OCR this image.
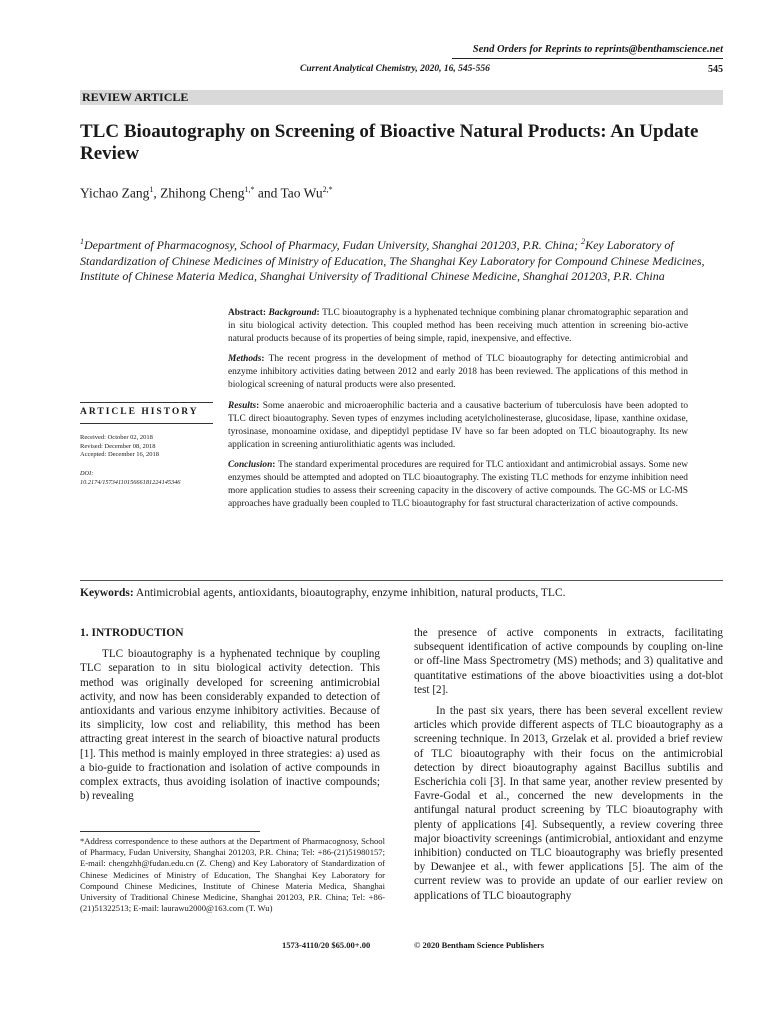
Send Orders for Reprints to reprints@benthamscience.net
Current Analytical Chemistry, 2020, 16, 545-556	545
REVIEW ARTICLE
TLC Bioautography on Screening of Bioactive Natural Products: An Update Review
Yichao Zang$^1$, Zhihong Cheng$^{1,*}$ and Tao $Wu^{2,*}$
$^1$Department of Pharmacognosy, School of Pharmacy, Fudan University, Shanghai 201203, P.R. China; $^2$Key Laboratory of Standardization of Chinese Medicines of Ministry of Education, The Shanghai Key Laboratory for Compound Chinese Medicines, Institute of Chinese Materia Medica, Shanghai University of Traditional Chinese Medicine, Shanghai 201203, P.R. China

Abstract: Background: TLC bioautography is a hyphenated technique combining planar chromatographic separation and in situ biological activity detection. This coupled method has been receiving much attention in screening bio-active natural products because of its properties of being simple, rapid, inexpensive, and effective.

Methods: The recent progress in the development of method of TLC bioautography for detecting antimicrobial and enzyme inhibitory activities dating between 2012 and early 2018 has been reviewed. The applications of this method in biological screening of natural products were also presented.

Results: Some anaerobic and microaerophilic bacteria and a causative bacterium of tuberculosis have been adopted to TLC direct bioautography. Seven types of enzymes including acetylcholinesterase, glucosidase, lipase, xanthine oxidase, tyrosinase, monoamine oxidase, and dipeptidyl peptidase IV have so far been adopted on TLC bioautography. Its new application in screening antiurolithiatic agents was included.

Conclusion: The standard experimental procedures are required for TLC antioxidant and antimicrobial assays. Some new enzymes should be attempted and adopted on TLC bioautography. The existing TLC methods for enzyme inhibition need more application studies to assess their screening capacity in the discovery of active compounds. The GC-MS or LC-MS approaches have gradually been coupled to TLC bioautography for fast structural characterization of active compounds.

ARTICLE HISTORY
Received: October 02, 2018
Revised: December 08, 2018
Accepted: December 16, 2018
DOI:
10.2174/1573411015666181224145346
Keywords: Antimicrobial agents, antioxidants, bioautography, enzyme inhibition, natural products, TLC.

1. INTRODUCTION

TLC bioautography is a hyphenated technique by coupling TLC separation to in situ biological activity detection. This method was originally developed for screening antimicrobial activity, and now has been considerably expanded to detection of antioxidants and various enzyme inhibitory activities. Because of its simplicity, low cost and reliability, this method has been attracting great interest in the search of bioactive natural products [1]. This method is mainly employed in three strategies: a) used as a bio-guide to fractionation and isolation of active compounds in complex extracts, thus avoiding isolation of inactive compounds; b) revealing

the presence of active components in extracts, facilitating subsequent identification of active compounds by coupling on-line or off-line Mass Spectrometry (MS) methods; and 3) qualitative and quantitative estimations of the above bioactivities using a dot-blot test [2].

In the past six years, there has been several excellent review articles which provide different aspects of TLC bioautography as a screening technique. In 2013, Grzelak et al. provided a brief review of TLC bioautography with their focus on the antimicrobial detection by direct bioautography against Bacillus subtilis and Escherichia coli [3]. In that same year, another review presented by Favre-Godal et al., concerned the new developments in the antifungal natural product screening by TLC bioautography with plenty of applications [4]. Subsequently, a review covering three major bioactivity screenings (antimicrobial, antioxidant and enzyme inhibition) conducted on TLC bioautography was briefly presented by Dewanjee et al., with fewer applications [5]. The aim of the current review was to provide an update of our earlier review on applications of TLC bioautography

*Address correspondence to these authors at the Department of Pharmacognosy, School of Pharmacy, Fudan University, Shanghai 201203, P.R. China; Tel: +86-(21)51980157; E-mail: chengzhh@fudan.edu.cn (Z. Cheng) and Key Laboratory of Standardization of Chinese Medicines of Ministry of Education, The Shanghai Key Laboratory for Compound Chinese Medicines, Institute of Chinese Materia Medica, Shanghai University of Traditional Chinese Medicine, Shanghai 201203, P.R. China; Tel: +86-(21)51322513; E-mail: laurawu2000@163.com (T. Wu)
1573-4110/20 $65.00+.00	© 2020 Bentham Science Publishers
